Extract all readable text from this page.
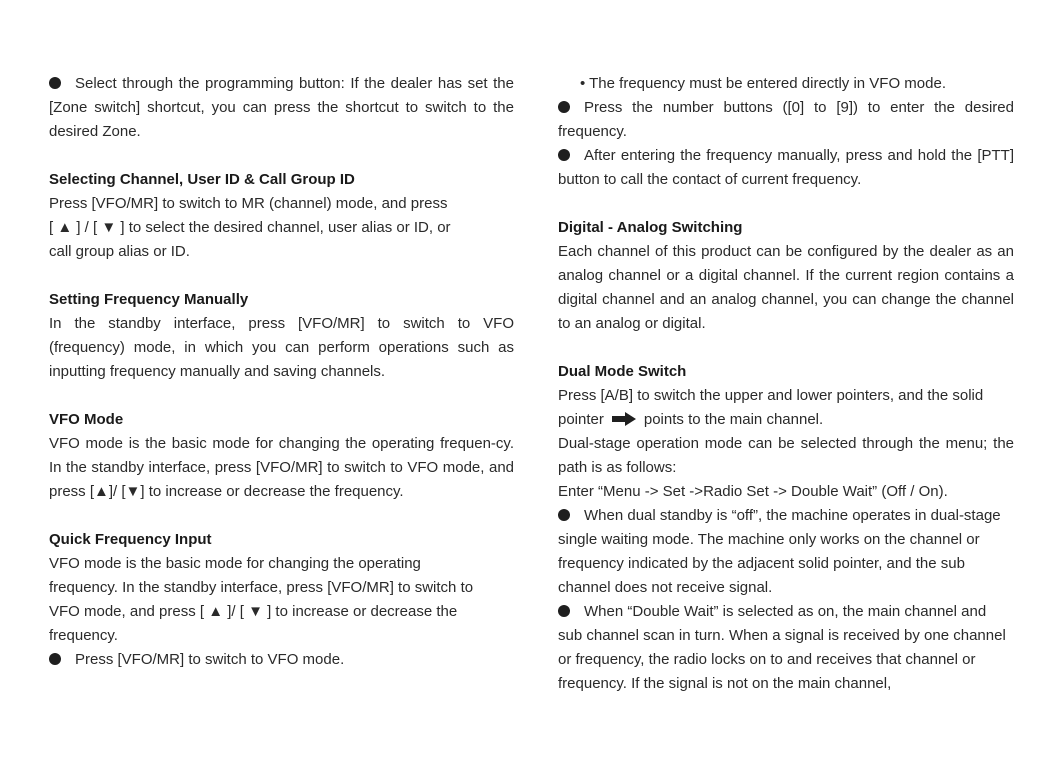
Select through the programming button: If the dealer has set the [Zone switch] shortcut, you can press the shortcut to switch to the desired Zone.

Selecting Channel, User ID & Call Group ID

Press [VFO/MR] to switch to MR (channel) mode, and press

[ ▲ ] / [ ▼ ] to select the desired channel, user alias or ID, or

call group alias or ID.

Setting Frequency Manually

In the standby interface, press [VFO/MR] to switch to VFO (frequency) mode, in which you can perform operations such as inputting frequency manually and saving channels.

VFO Mode

VFO mode is the basic mode for changing the operating frequen-cy. In the standby interface, press [VFO/MR] to switch to VFO mode, and press [▲]/ [▼] to increase or decrease the frequency.

Quick Frequency Input

VFO mode is the basic mode for changing the operating

frequency. In the standby interface, press [VFO/MR] to switch to

VFO mode, and press [ ▲ ]/ [ ▼ ] to increase or decrease the

frequency.

Press [VFO/MR] to switch to VFO mode.

• The frequency must be entered directly in VFO mode.

Press the number buttons ([0] to [9]) to enter the desired frequency.

After entering the frequency manually, press and hold the [PTT] button to call the contact of current frequency.

Digital - Analog Switching

Each channel of this product can be configured by the dealer as an analog channel or a digital channel. If the current region contains a digital channel and an analog channel, you can change the channel to an analog or digital.

Dual Mode Switch

Press [A/B] to switch the upper and lower pointers, and the solid

pointer	points to the main channel.

Dual-stage operation mode can be selected through the menu; the path is as follows:

Enter “Menu -> Set ->Radio Set -> Double Wait” (Off / On).

When dual standby is “off”, the machine operates in dual-stage single waiting mode. The machine only works on the channel or frequency indicated by the adjacent solid pointer, and the sub channel does not receive signal.

When “Double Wait” is selected as on, the main channel and sub channel scan in turn. When a signal is received by one channel or frequency, the radio locks on to and receives that channel or frequency. If the signal is not on the main channel,
